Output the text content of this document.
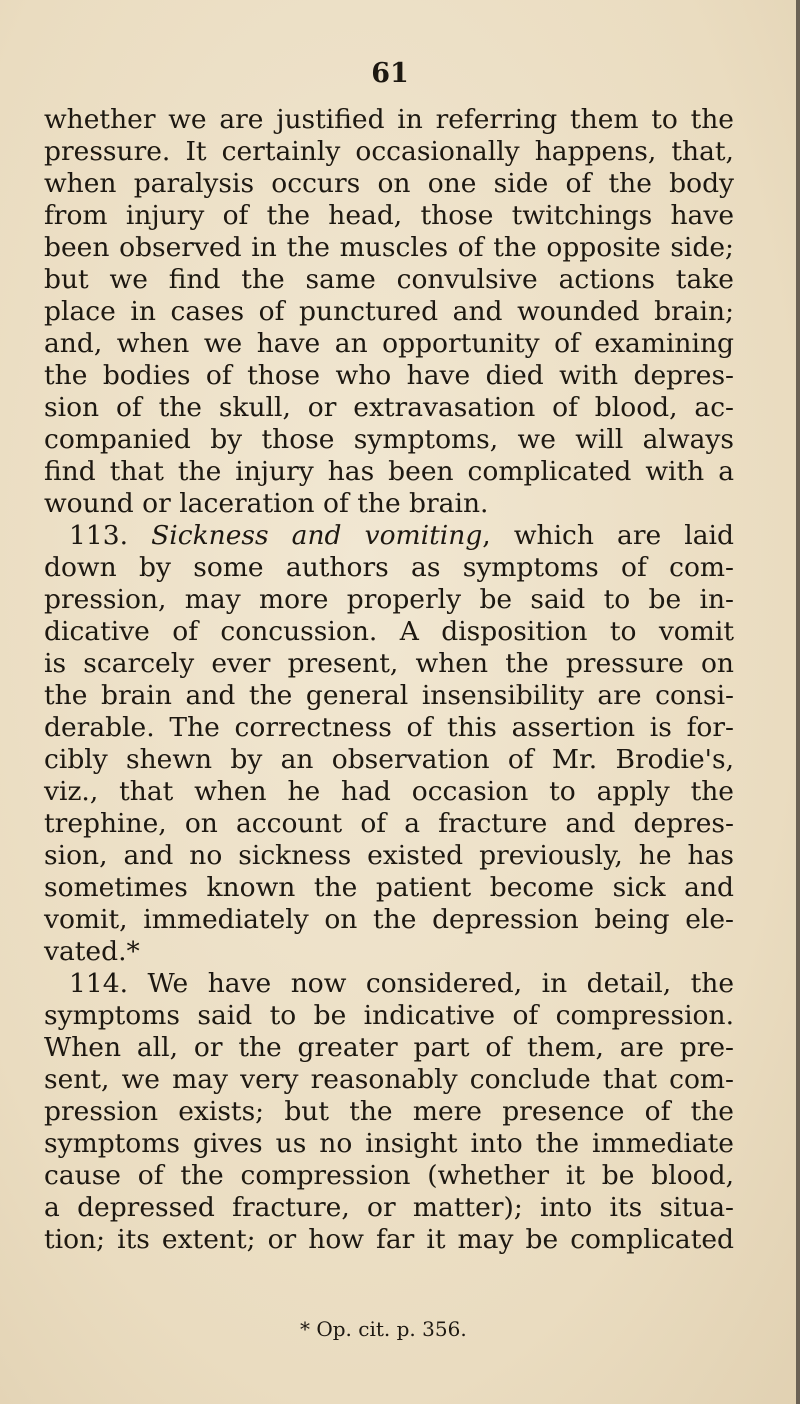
61
whether we are justified in referring them to the
pressure. It certainly occasionally happens, that,
when paralysis occurs on one side of the body
from injury of the head, those twitchings have
been observed in the muscles of the opposite side;
but we find the same convulsive actions take
place in cases of punctured and wounded brain;
and, when we have an opportunity of examining
the bodies of those who have died with depres-
sion of the skull, or extravasation of blood, ac-
companied by those symptoms, we will always
find that the injury has been complicated with a
wound or laceration of the brain.
113. Sickness and vomiting, which are laid
down by some authors as symptoms of com-
pression, may more properly be said to be in-
dicative of concussion. A disposition to vomit
is scarcely ever present, when the pressure on
the brain and the general insensibility are consi-
derable. The correctness of this assertion is for-
cibly shewn by an observation of Mr. Brodie's,
viz., that when he had occasion to apply the
trephine, on account of a fracture and depres-
sion, and no sickness existed previously, he has
sometimes known the patient become sick and
vomit, immediately on the depression being ele-
vated.*
114. We have now considered, in detail, the
symptoms said to be indicative of compression.
When all, or the greater part of them, are pre-
sent, we may very reasonably conclude that com-
pression exists; but the mere presence of the
symptoms gives us no insight into the immediate
cause of the compression (whether it be blood,
a depressed fracture, or matter); into its situa-
tion; its extent; or how far it may be complicated
* Op. cit. p. 356.
